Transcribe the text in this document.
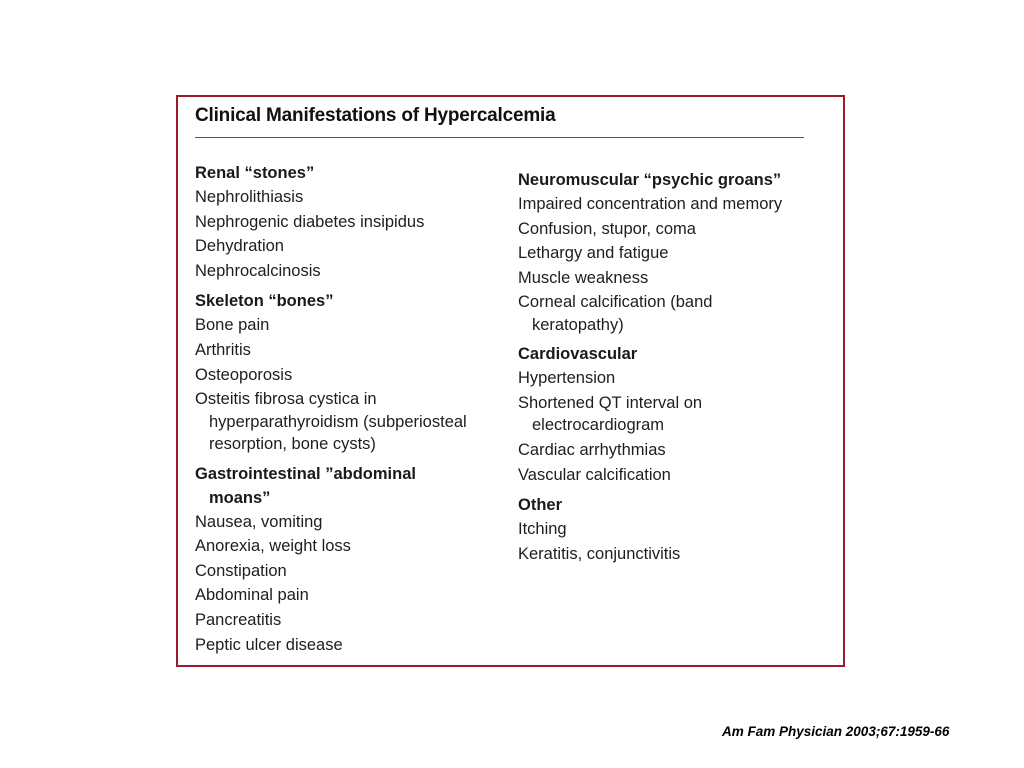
Clinical Manifestations of Hypercalcemia
Renal “stones”
Nephrolithiasis
Nephrogenic diabetes insipidus
Dehydration
Nephrocalcinosis
Skeleton “bones”
Bone pain
Arthritis
Osteoporosis
Osteitis fibrosa cystica in hyperparathyroidism (subperiosteal resorption, bone cysts)
Gastrointestinal ”abdominal moans”
Nausea, vomiting
Anorexia, weight loss
Constipation
Abdominal pain
Pancreatitis
Peptic ulcer disease
Neuromuscular “psychic groans”
Impaired concentration and memory
Confusion, stupor, coma
Lethargy and fatigue
Muscle weakness
Corneal calcification (band keratopathy)
Cardiovascular
Hypertension
Shortened QT interval on electrocardiogram
Cardiac arrhythmias
Vascular calcification
Other
Itching
Keratitis, conjunctivitis
Am Fam Physician 2003;67:1959-66
